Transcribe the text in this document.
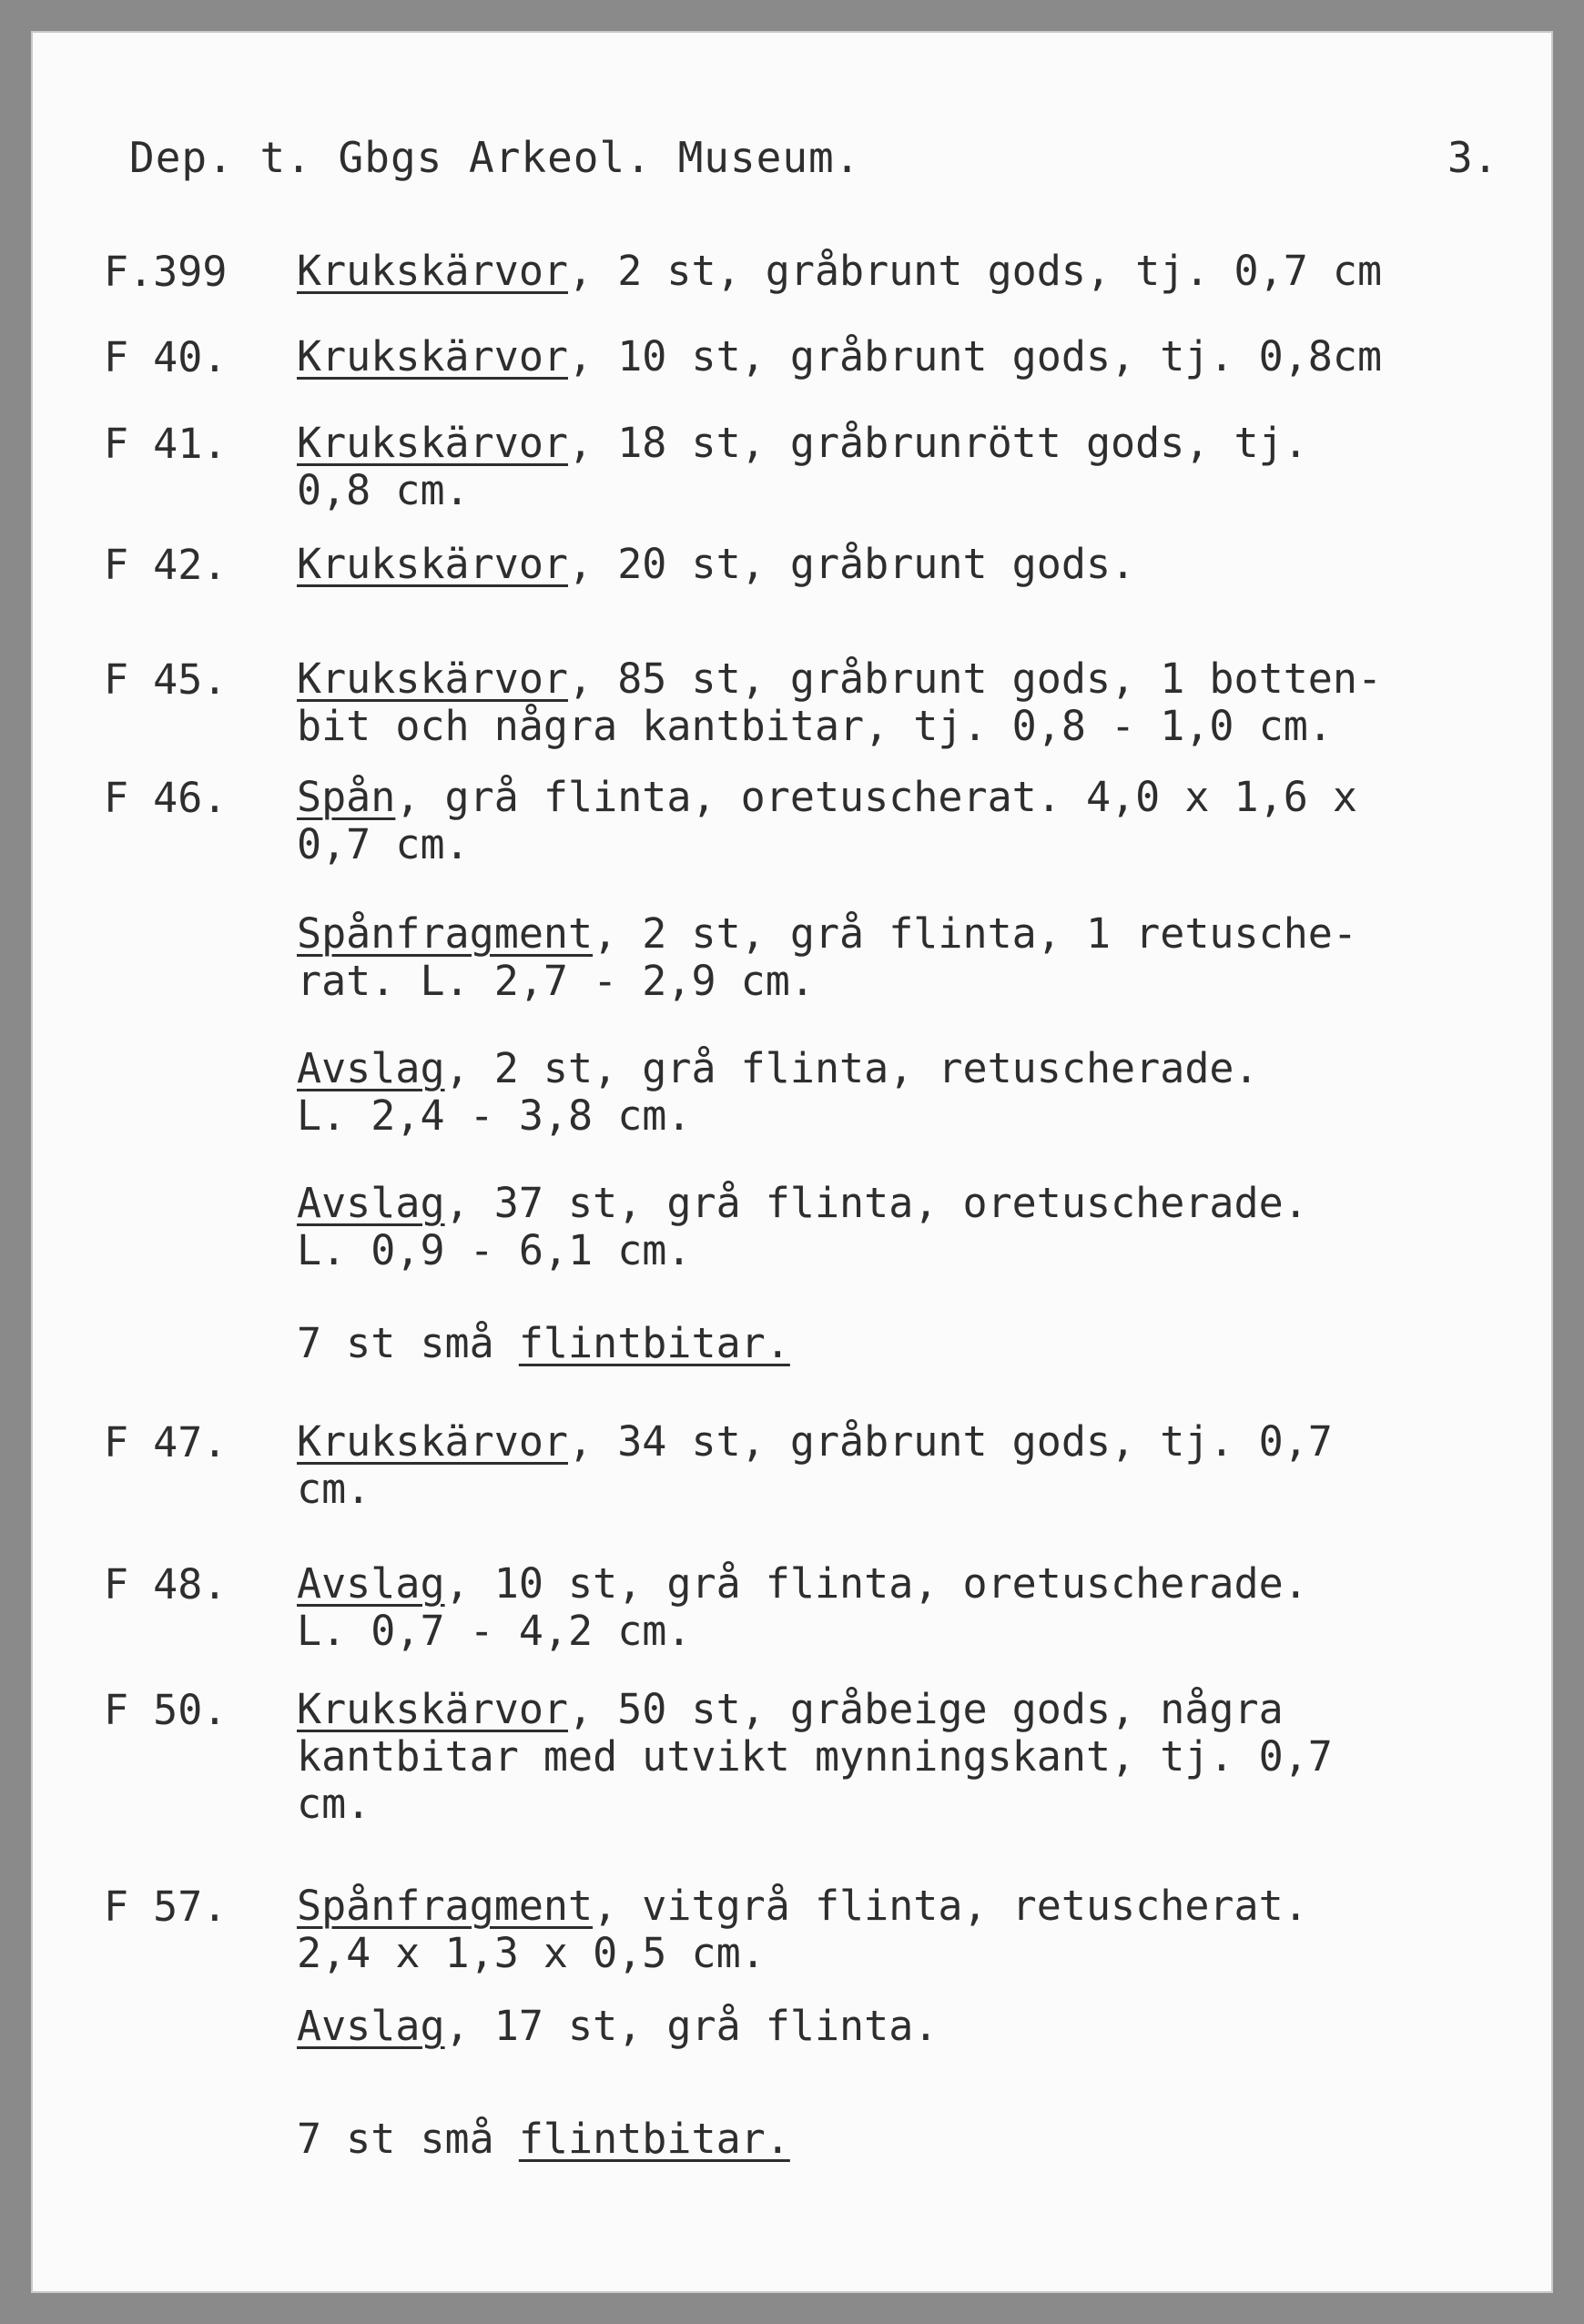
Dep. t. Gbgs Arkeol. Museum.	3.
F.399 Krukskärvor, 2 st, gråbrunt gods, tj. 0,7 cm
F 40. Krukskärvor, 10 st, gråbrunt gods, tj. 0,8cm
F 41. Krukskärvor, 18 st, gråbrunrött gods, tj.
0,8 cm.
F 42. Krukskärvor, 20 st, gråbrunt gods.
F 45. Krukskärvor, 85 st, gråbrunt gods, 1 botten-
bit och några kantbitar, tj. 0,8 - 1,0 cm.
F 46. Spån, grå flinta, oretuscherat. 4,0 x 1,6 x
0,7 cm.
Spånfragment, 2 st, grå flinta, 1 retusche-
rat. L. 2,7 - 2,9 cm.
Avslag, 2 st, grå flinta, retuscherade.
L. 2,4 - 3,8 cm.
Avslag, 37 st, grå flinta, oretuscherade.
L. 0,9 - 6,1 cm.
7 st små flintbitar.
F 47. Krukskärvor, 34 st, gråbrunt gods, tj. 0,7
cm.
F 48. Avslag, 10 st, grå flinta, oretuscherade.
L. 0,7 - 4,2 cm.
F 50. Krukskärvor, 50 st, gråbeige gods, några
kantbitar med utvikt mynningskant, tj. 0,7
cm.
F 57. Spånfragment, vitgrå flinta, retuscherat.
2,4 x 1,3 x 0,5 cm.
Avslag, 17 st, grå flinta.
7 st små flintbitar.
